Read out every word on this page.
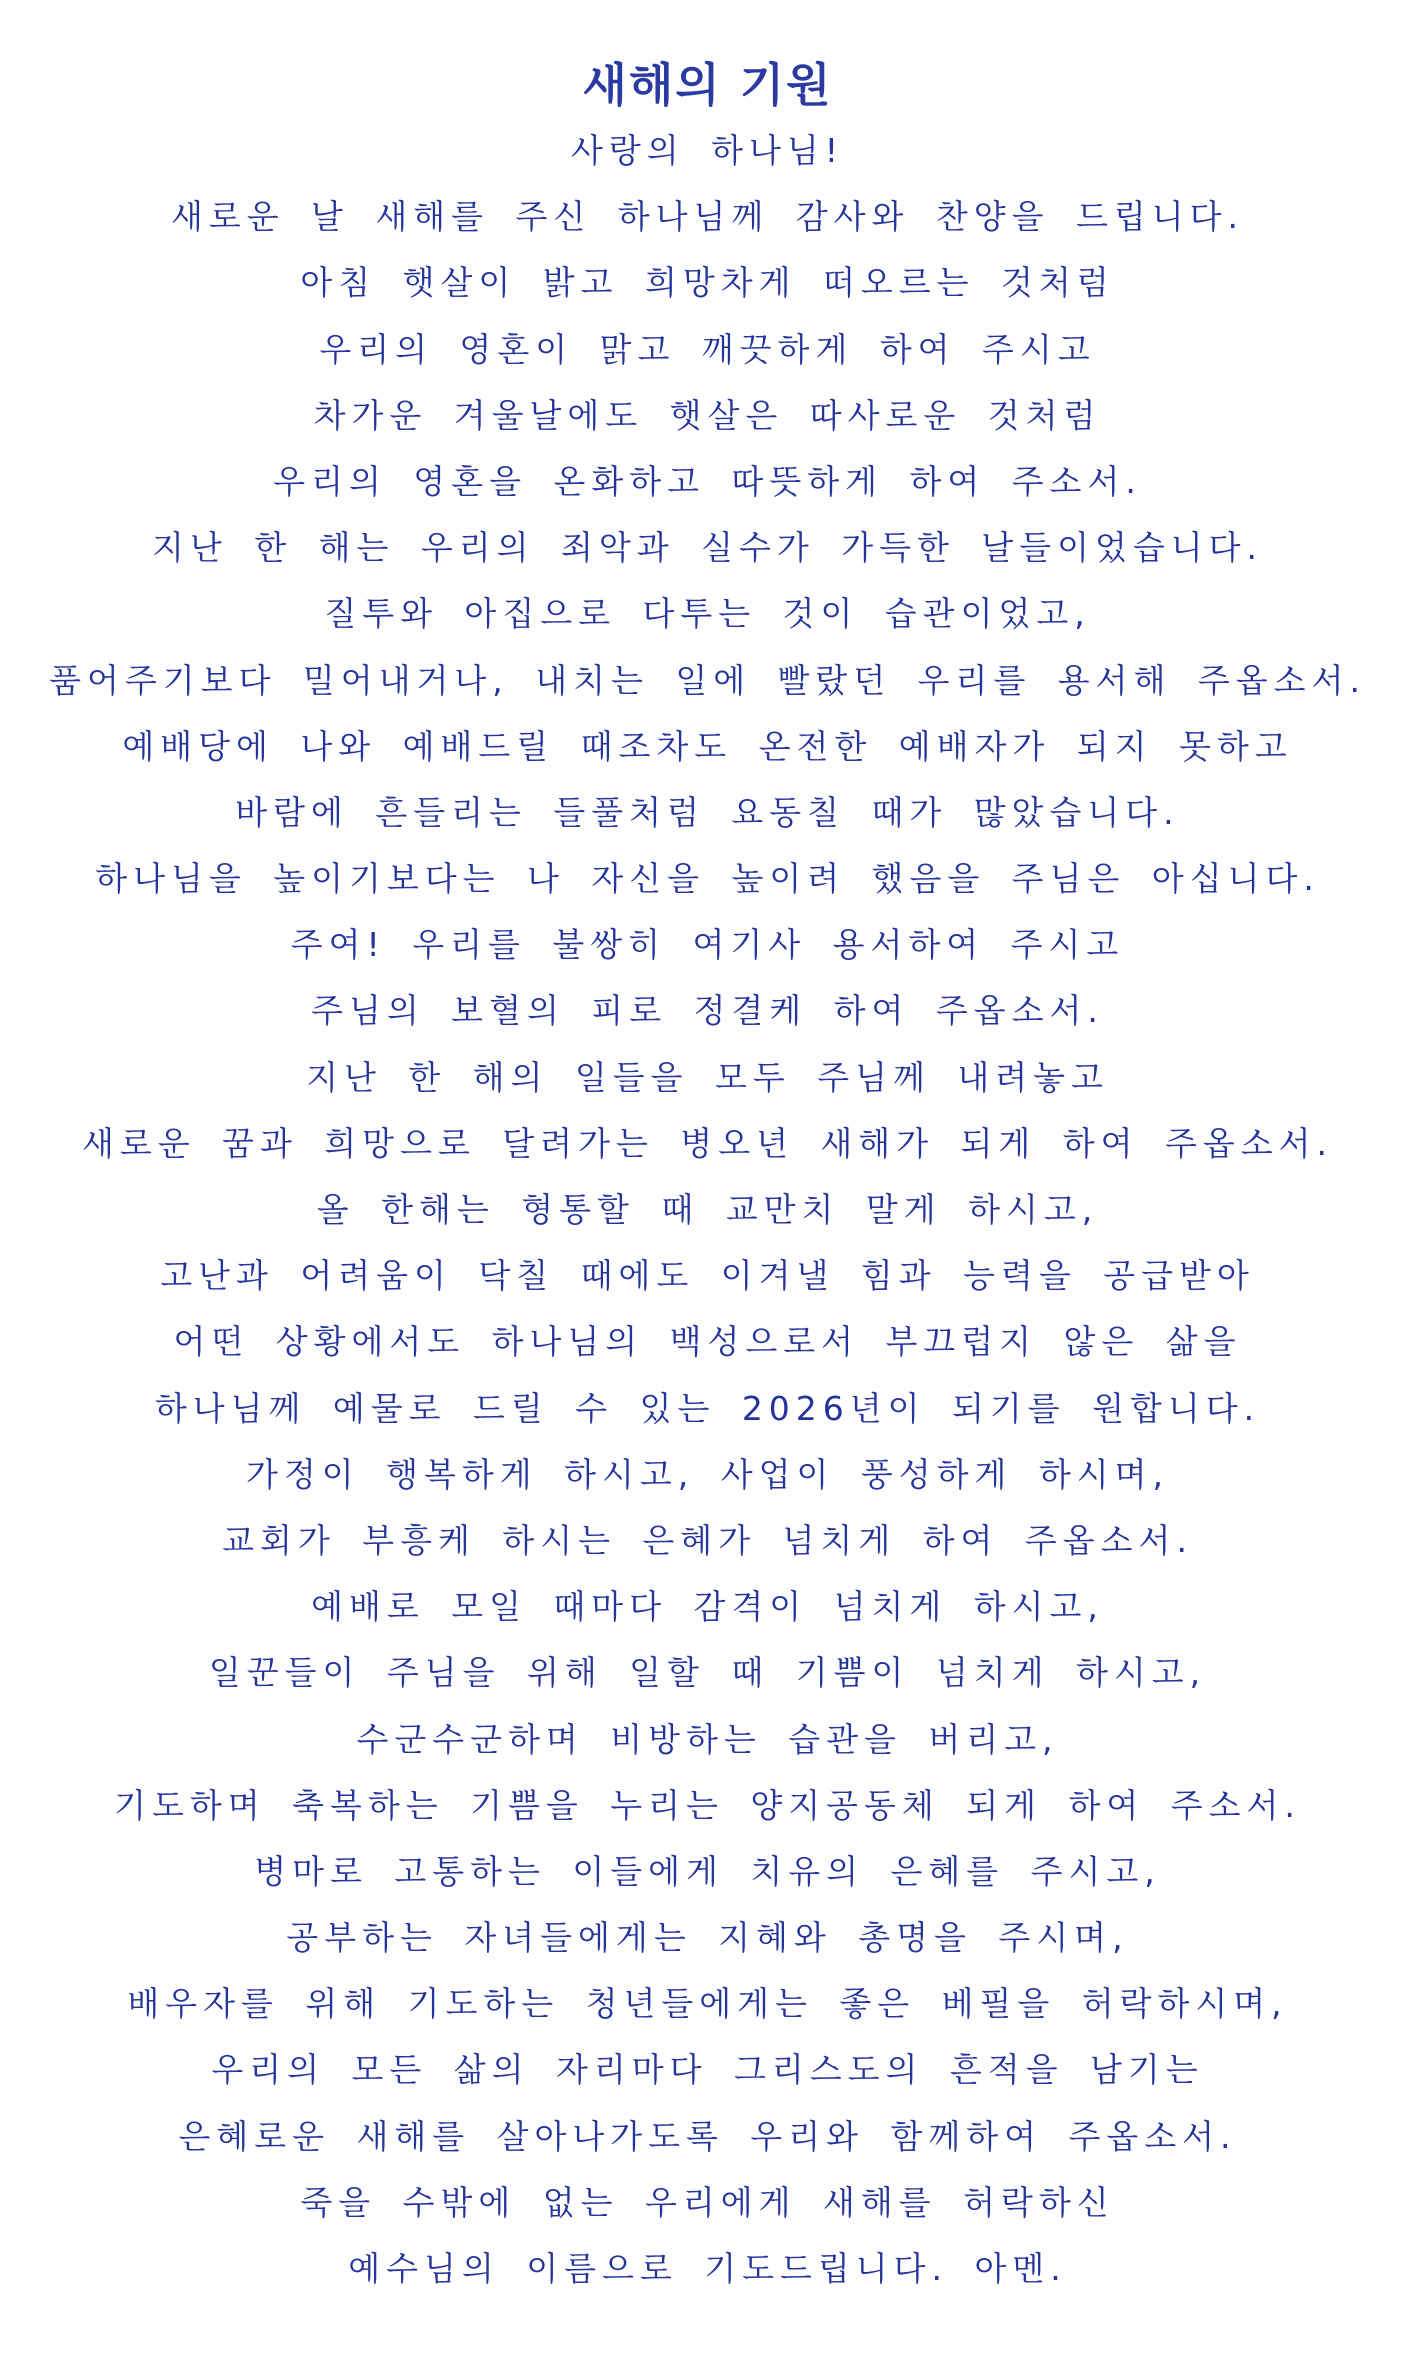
새해의 기원
사랑의 하나님!
새로운 날 새해를 주신 하나님께 감사와 찬양을 드립니다.
아침 햇살이 밝고 희망차게 떠오르는 것처럼
우리의 영혼이 맑고 깨끗하게 하여 주시고
차가운 겨울날에도 햇살은 따사로운 것처럼
우리의 영혼을 온화하고 따뜻하게 하여 주소서.
지난 한 해는 우리의 죄악과 실수가 가득한 날들이었습니다.
질투와 아집으로 다투는 것이 습관이었고,
품어주기보다 밀어내거나, 내치는 일에 빨랐던 우리를 용서해 주옵소서.
예배당에 나와 예배드릴 때조차도 온전한 예배자가 되지 못하고
바람에 흔들리는 들풀처럼 요동칠 때가 많았습니다.
하나님을 높이기보다는 나 자신을 높이려 했음을 주님은 아십니다.
주여! 우리를 불쌍히 여기사 용서하여 주시고
주님의 보혈의 피로 정결케 하여 주옵소서.
지난 한 해의 일들을 모두 주님께 내려놓고
새로운 꿈과 희망으로 달려가는 병오년 새해가 되게 하여 주옵소서.
올 한해는 형통할 때 교만치 말게 하시고,
고난과 어려움이 닥칠 때에도 이겨낼 힘과 능력을 공급받아
어떤 상황에서도 하나님의 백성으로서 부끄럽지 않은 삶을
하나님께 예물로 드릴 수 있는 2026년이 되기를 원합니다.
가정이 행복하게 하시고, 사업이 풍성하게 하시며,
교회가 부흥케 하시는 은혜가 넘치게 하여 주옵소서.
예배로 모일 때마다 감격이 넘치게 하시고,
일꾼들이 주님을 위해 일할 때 기쁨이 넘치게 하시고,
수군수군하며 비방하는 습관을 버리고,
기도하며 축복하는 기쁨을 누리는 양지공동체 되게 하여 주소서.
병마로 고통하는 이들에게 치유의 은혜를 주시고,
공부하는 자녀들에게는 지혜와 총명을 주시며,
배우자를 위해 기도하는 청년들에게는 좋은 베필을 허락하시며,
우리의 모든 삶의 자리마다 그리스도의 흔적을 남기는
은혜로운 새해를 살아나가도록 우리와 함께하여 주옵소서.
죽을 수밖에 없는 우리에게 새해를 허락하신
예수님의 이름으로 기도드립니다. 아멘.
